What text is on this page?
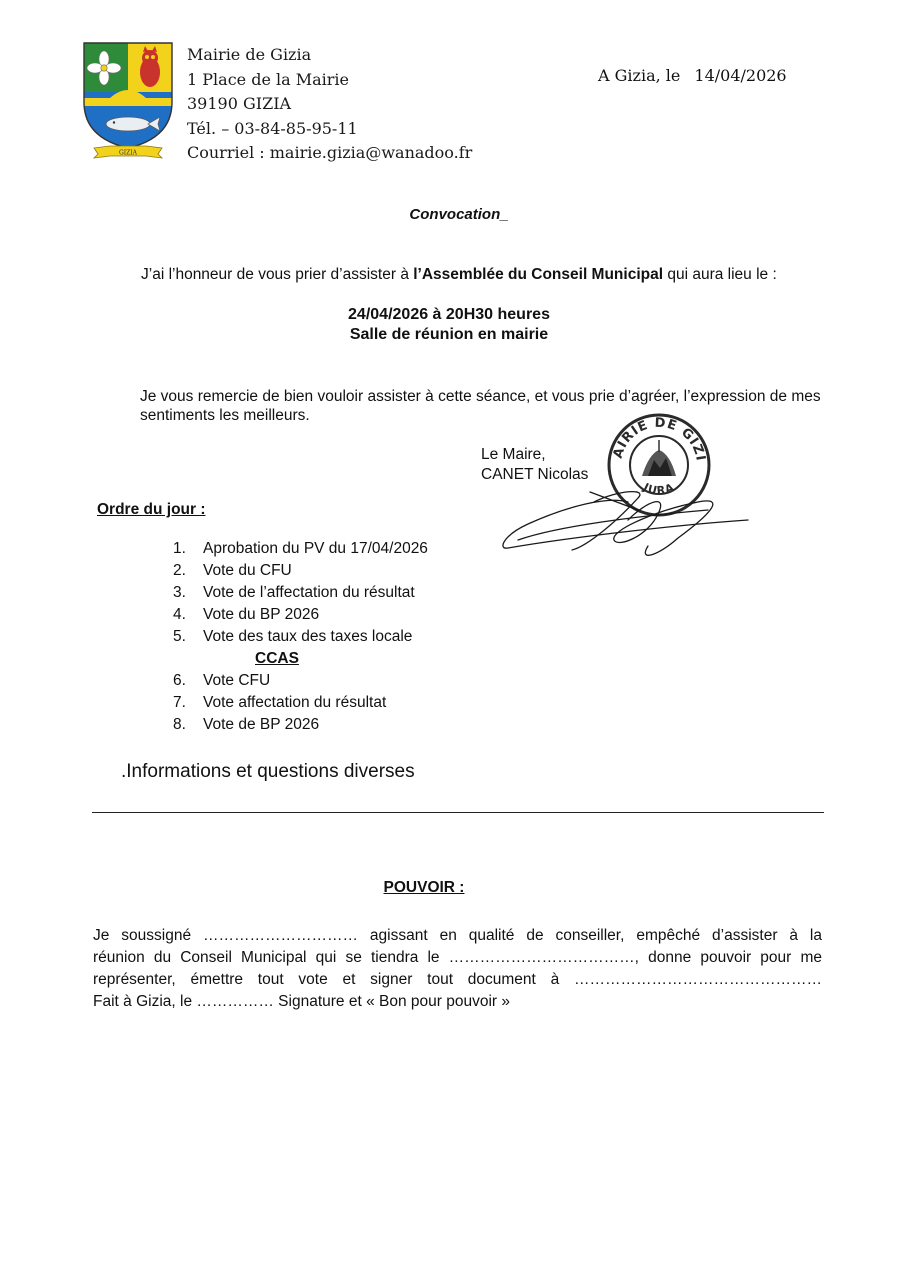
GIZIA
Mairie de Gizia
1 Place de la Mairie
39190 GIZIA
Tél. – 03-84-85-95-11
Courriel : mairie.gizia@wanadoo.fr
A Gizia, le 14/04/2026
Convocation_
J’ai l’honneur de vous prier d’assister à l’Assemblée du Conseil Municipal qui aura lieu le :
24/04/2026 à 20H30 heures
Salle de réunion en mairie
Je vous remercie de bien vouloir assister à cette séance, et vous prie d’agréer, l’expression de mes sentiments les meilleurs.
Le Maire,
CANET Nicolas
AIRIE DE GIZI
JURA
Ordre du jour :
1.	Aprobation du PV du 17/04/2026
2.	Vote du CFU
3.	Vote de l’affectation du résultat
4.	Vote du BP 2026
5.	Vote des taux des taxes locale
CCAS
6.	Vote CFU
7.	Vote affectation du résultat
8.	Vote de BP 2026
.Informations et questions diverses
POUVOIR :

Je soussigné ………………………… agissant en qualité de conseiller, empêché d’assister à la

réunion du Conseil Municipal qui se tiendra le ………………………………, donne pouvoir pour me

représenter, émettre tout vote et signer tout document à …………………………………………

Fait à Gizia, le …………… Signature et « Bon pour pouvoir »
